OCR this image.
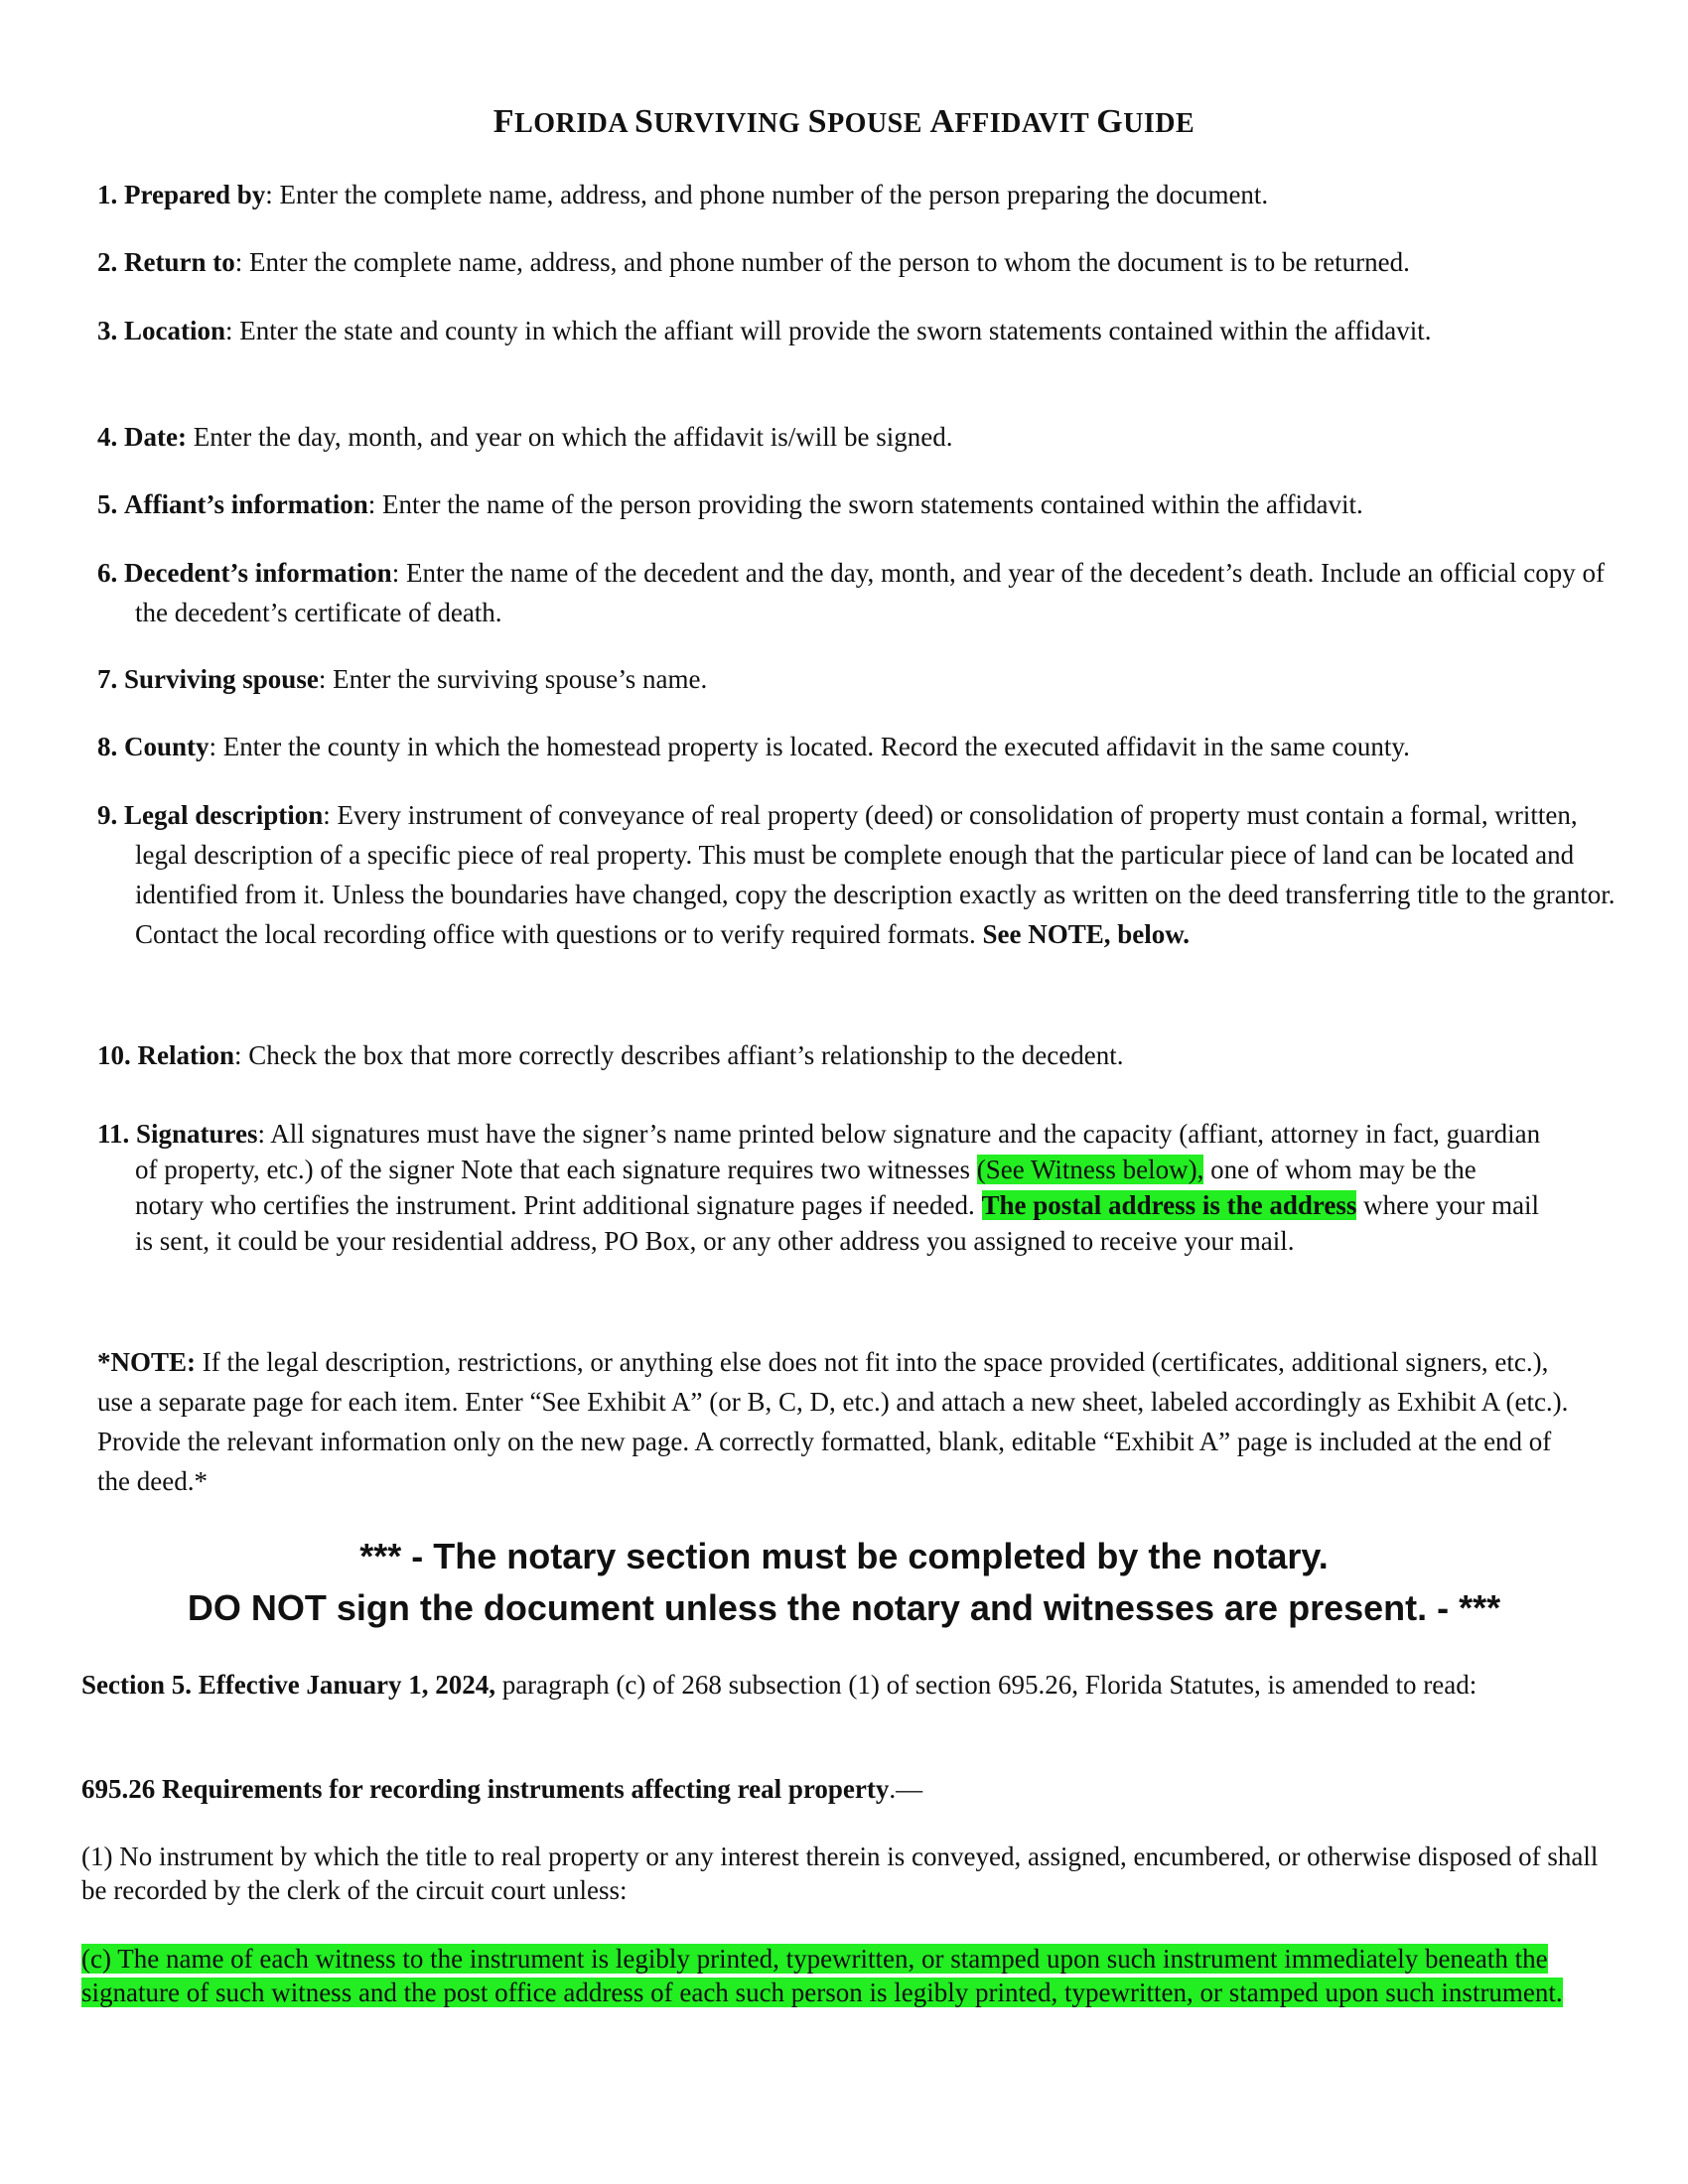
FLORIDA SURVIVING SPOUSE AFFIDAVIT GUIDE
1. Prepared by: Enter the complete name, address, and phone number of the person preparing the document.
2. Return to: Enter the complete name, address, and phone number of the person to whom the document is to be returned.
3. Location: Enter the state and county in which the affiant will provide the sworn statements contained within the affidavit.
4. Date: Enter the day, month, and year on which the affidavit is/will be signed.
5. Affiant’s information: Enter the name of the person providing the sworn statements contained within the affidavit.
6. Decedent’s information: Enter the name of the decedent and the day, month, and year of the decedent’s death. Include an official copy of the decedent’s certificate of death.
7. Surviving spouse: Enter the surviving spouse’s name.
8. County: Enter the county in which the homestead property is located. Record the executed affidavit in the same county.
9. Legal description: Every instrument of conveyance of real property (deed) or consolidation of property must contain a formal, written, legal description of a specific piece of real property. This must be complete enough that the particular piece of land can be located and identified from it. Unless the boundaries have changed, copy the description exactly as written on the deed transferring title to the grantor. Contact the local recording office with questions or to verify required formats. See NOTE, below.
10. Relation: Check the box that more correctly describes affiant’s relationship to the decedent.
11. Signatures: All signatures must have the signer’s name printed below signature and the capacity (affiant, attorney in fact, guardian of property, etc.) of the signer Note that each signature requires two witnesses (See Witness below), one of whom may be the notary who certifies the instrument. Print additional signature pages if needed. The postal address is the address where your mail is sent, it could be your residential address, PO Box, or any other address you assigned to receive your mail.
*NOTE: If the legal description, restrictions, or anything else does not fit into the space provided (certificates, additional signers, etc.), use a separate page for each item. Enter “See Exhibit A” (or B, C, D, etc.) and attach a new sheet, labeled accordingly as Exhibit A (etc.). Provide the relevant information only on the new page. A correctly formatted, blank, editable “Exhibit A” page is included at the end of the deed.*
*** - The notary section must be completed by the notary.
DO NOT sign the document unless the notary and witnesses are present. - ***
Section 5. Effective January 1, 2024, paragraph (c) of 268 subsection (1) of section 695.26, Florida Statutes, is amended to read:
695.26 Requirements for recording instruments affecting real property.—
(1) No instrument by which the title to real property or any interest therein is conveyed, assigned, encumbered, or otherwise disposed of shall be recorded by the clerk of the circuit court unless:
(c) The name of each witness to the instrument is legibly printed, typewritten, or stamped upon such instrument immediately beneath the signature of such witness and the post office address of each such person is legibly printed, typewritten, or stamped upon such instrument.
